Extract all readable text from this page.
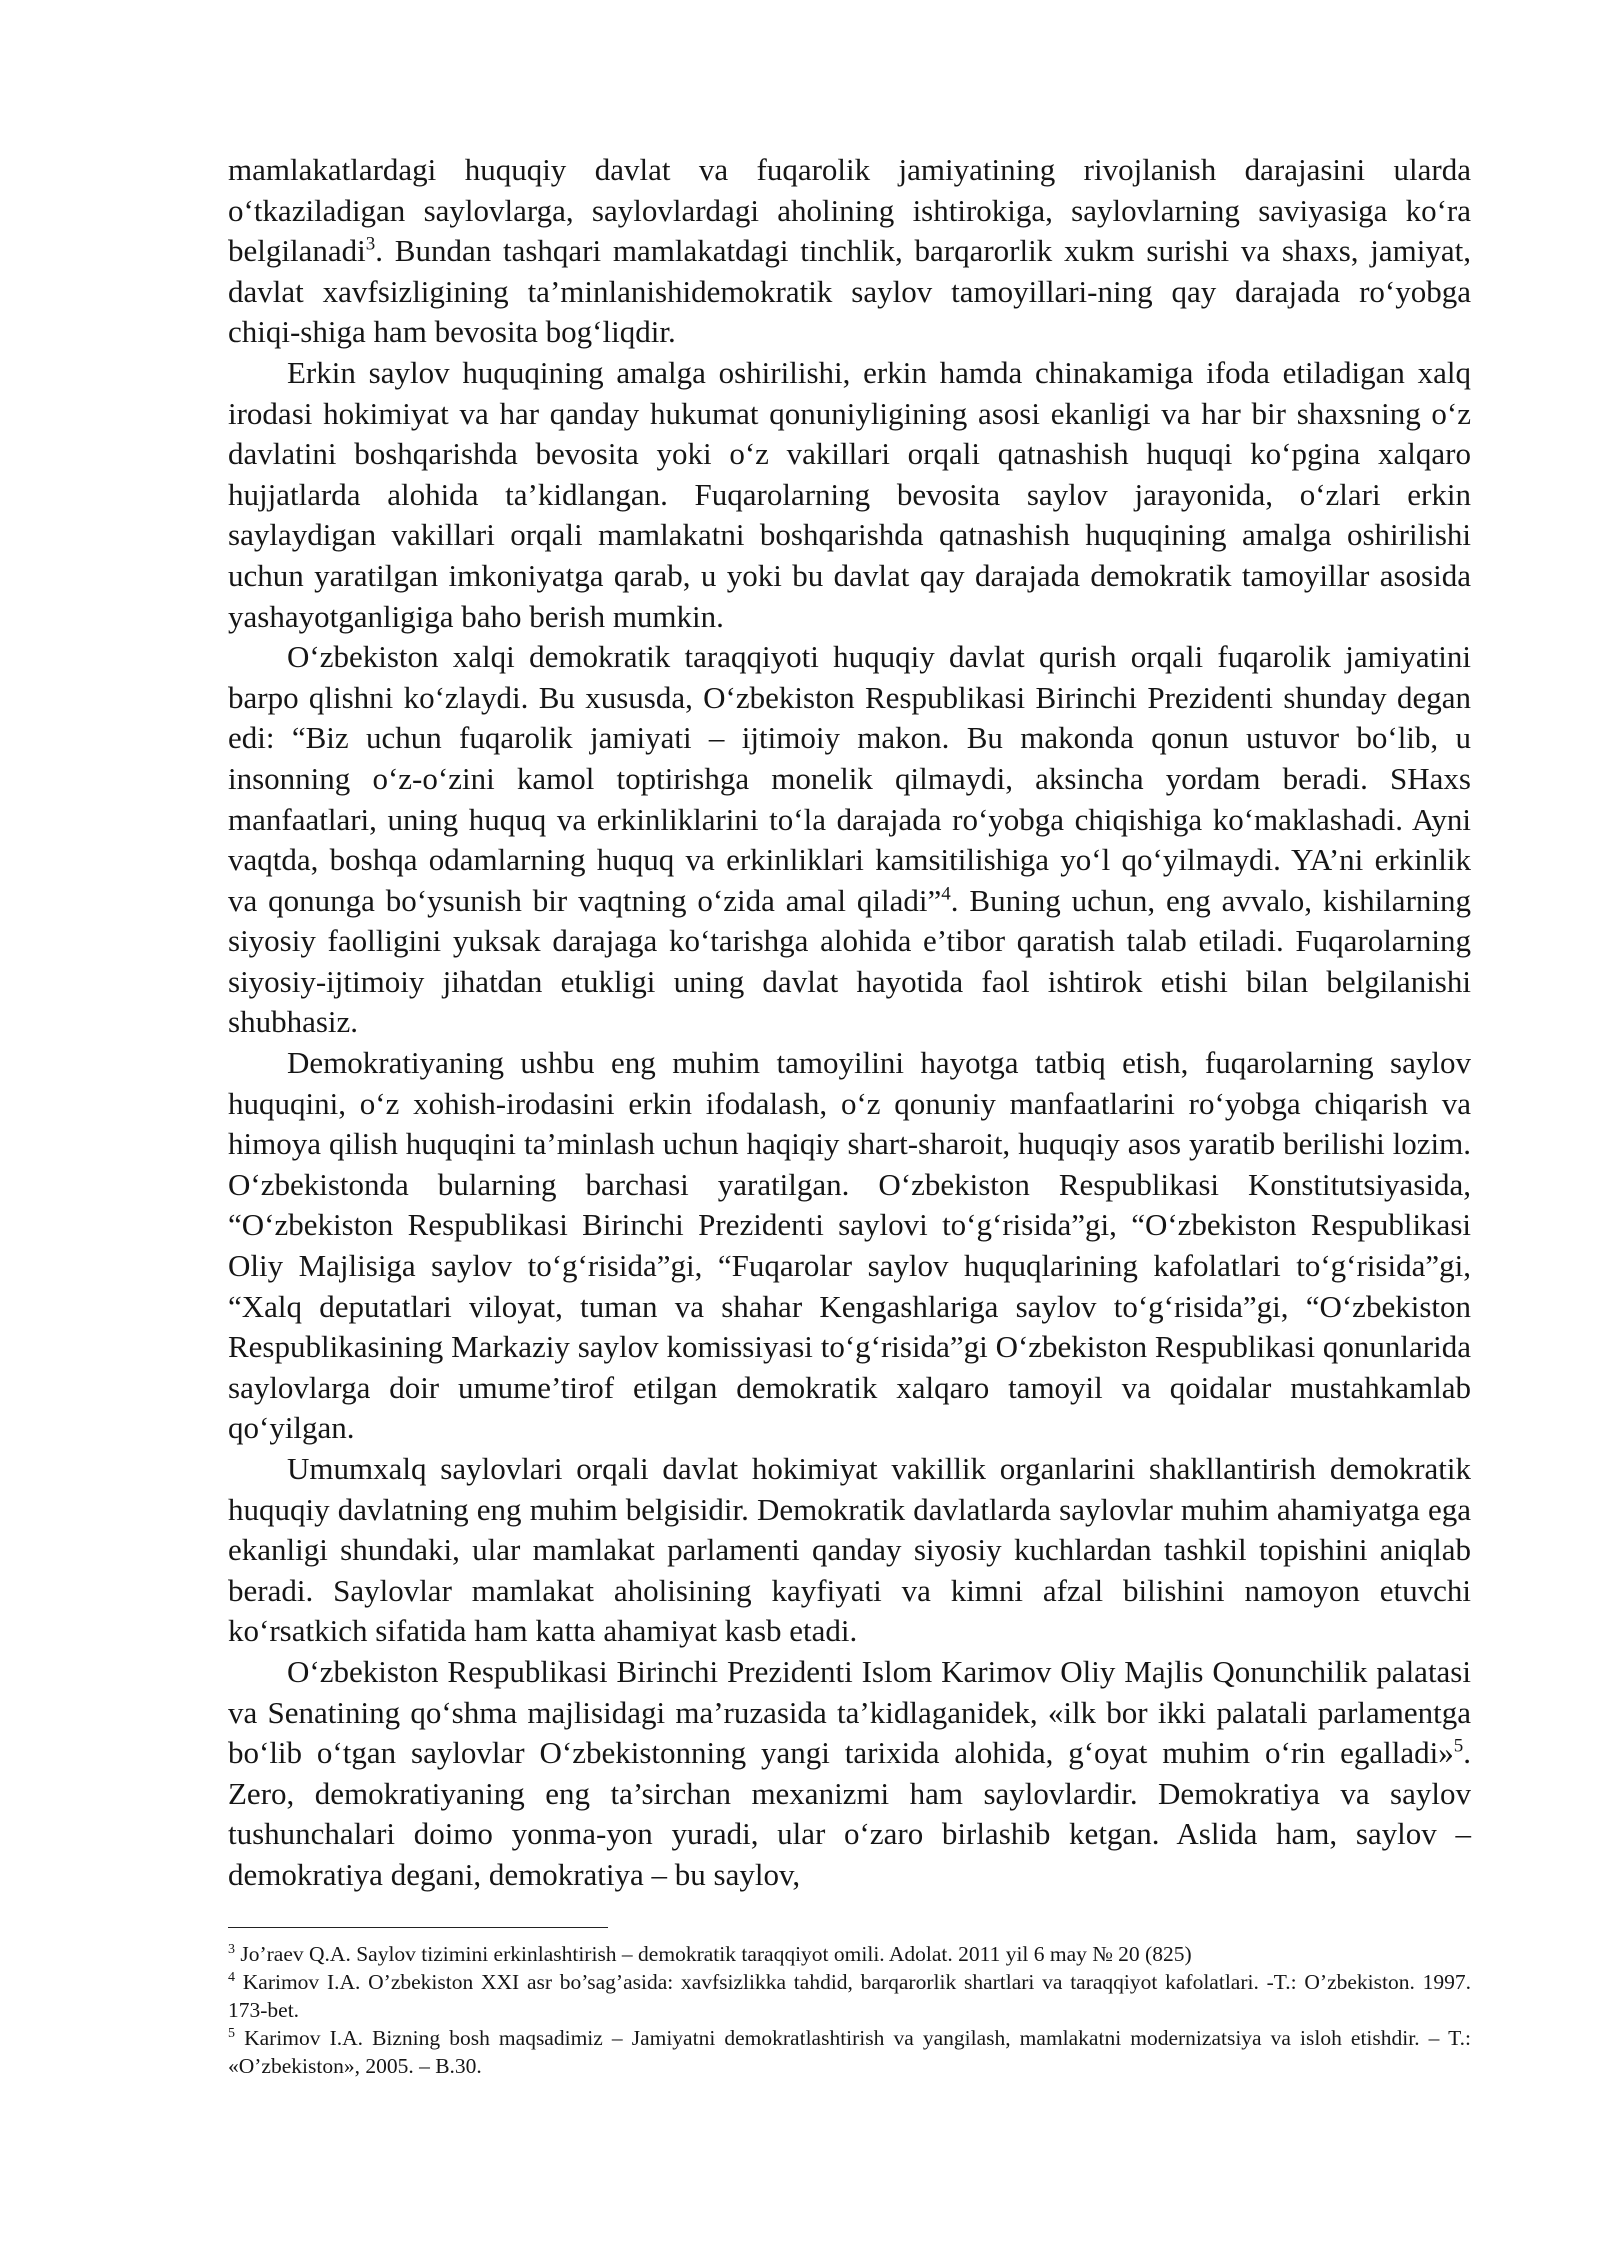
mamlakatlardagi huquqiy davlat va fuqarolik jamiyatining rivojlanish darajasini ularda o‘tkaziladigan saylovlarga, saylovlardagi aholining ishtirokiga, saylovlarning saviyasiga ko‘ra belgilanadi$^3$. Bundan tashqari mamlakatdagi tinchlik, barqarorlik xukm surishi va shaxs, jamiyat, davlat xavfsizligining ta’minlanishidemokratik saylov tamoyillari-ning qay darajada ro‘yobga chiqi-shiga ham bevosita bog‘liqdir.

Erkin saylov huquqining amalga oshirilishi, erkin hamda chinakamiga ifoda etiladigan xalq irodasi hokimiyat va har qanday hukumat qonuniyligining asosi ekanligi va har bir shaxsning o‘z davlatini boshqarishda bevosita yoki o‘z vakillari orqali qatnashish huquqi ko‘pgina xalqaro hujjatlarda alohida ta’kidlangan. Fuqarolarning bevosita saylov jarayonida, o‘zlari erkin saylaydigan vakillari orqali mamlakatni boshqarishda qatnashish huquqining amalga oshirilishi uchun yaratilgan imkoniyatga qarab, u yoki bu davlat qay darajada demokratik tamoyillar asosida yashayotganligiga baho berish mumkin.

O‘zbekiston xalqi demokratik taraqqiyoti huquqiy davlat qurish orqali fuqarolik jamiyatini barpo qlishni ko‘zlaydi. Bu xususda, O‘zbekiston Respublikasi Birinchi Prezidenti shunday degan edi: “Biz uchun fuqarolik jamiyati – ijtimoiy makon. Bu makonda qonun ustuvor bo‘lib, u insonning o‘z-o‘zini kamol toptirishga monelik qilmaydi, aksincha yordam beradi. SHaxs manfaatlari, uning huquq va erkinliklarini to‘la darajada ro‘yobga chiqishiga ko‘maklashadi. Ayni vaqtda, boshqa odamlarning huquq va erkinliklari kamsitilishiga yo‘l qo‘yilmaydi. YA’ni erkinlik va qonunga bo‘ysunish bir vaqtning o‘zida amal qiladi”$^4$. Buning uchun, eng avvalo, kishilarning siyosiy faolligini yuksak darajaga ko‘tarishga alohida e’tibor qaratish talab etiladi. Fuqarolarning siyosiy-ijtimoiy jihatdan etukligi uning davlat hayotida faol ishtirok etishi bilan belgilanishi shubhasiz.

Demokratiyaning ushbu eng muhim tamoyilini hayotga tatbiq etish, fuqarolarning saylov huquqini, o‘z xohish-irodasini erkin ifodalash, o‘z qonuniy manfaatlarini ro‘yobga chiqarish va himoya qilish huquqini ta’minlash uchun haqiqiy shart-sharoit, huquqiy asos yaratib berilishi lozim. O‘zbekistonda bularning barchasi yaratilgan. O‘zbekiston Respublikasi Konstitutsiyasida, “O‘zbekiston Respublikasi Birinchi Prezidenti saylovi to‘g‘risida”gi, “O‘zbekiston Respublikasi Oliy Majlisiga saylov to‘g‘risida”gi, “Fuqarolar saylov huquqlarining kafolatlari to‘g‘risida”gi, “Xalq deputatlari viloyat, tuman va shahar Kengashlariga saylov to‘g‘risida”gi, “O‘zbekiston Respublikasining Markaziy saylov komissiyasi to‘g‘risida”gi O‘zbekiston Respublikasi qonunlarida saylovlarga doir umume’tirof etilgan demokratik xalqaro tamoyil va qoidalar mustahkamlab qo‘yilgan.

Umumxalq saylovlari orqali davlat hokimiyat vakillik organlarini shakllantirish demokratik huquqiy davlatning eng muhim belgisidir. Demokratik davlatlarda saylovlar muhim ahamiyatga ega ekanligi shundaki, ular mamlakat parlamenti qanday siyosiy kuchlardan tashkil topishini aniqlab beradi. Saylovlar mamlakat aholisining kayfiyati va kimni afzal bilishini namoyon etuvchi ko‘rsatkich sifatida ham katta ahamiyat kasb etadi.

O‘zbekiston Respublikasi Birinchi Prezidenti Islom Karimov Oliy Majlis Qonunchilik palatasi va Senatining qo‘shma majlisidagi ma’ruzasida ta’kidlaganidek, «ilk bor ikki palatali parlamentga bo‘lib o‘tgan saylovlar O‘zbekistonning yangi tarixida alohida, g‘oyat muhim o‘rin egalladi»$^5$. Zero, demokratiyaning eng ta’sirchan mexanizmi ham saylovlardir. Demokratiya va saylov tushunchalari doimo yonma-yon yuradi, ular o‘zaro birlashib ketgan. Aslida ham, saylov – demokratiya degani, demokratiya – bu saylov,

$^3$ Jo’raev Q.A. Saylov tizimini erkinlashtirish – demokratik taraqqiyot omili. Adolat. 2011 yil 6 may № 20 (825)

$^4$ Karimov I.A. O’zbekiston XXI asr bo’sag’asida: xavfsizlikka tahdid, barqarorlik shartlari va taraqqiyot kafolatlari. -T.: O’zbekiston. 1997. 173-bet.

$^5$ Karimov I.A. Bizning bosh maqsadimiz – Jamiyatni demokratlashtirish va yangilash, mamlakatni modernizatsiya va isloh etishdir. – T.: «O’zbekiston», 2005. – B.30.
